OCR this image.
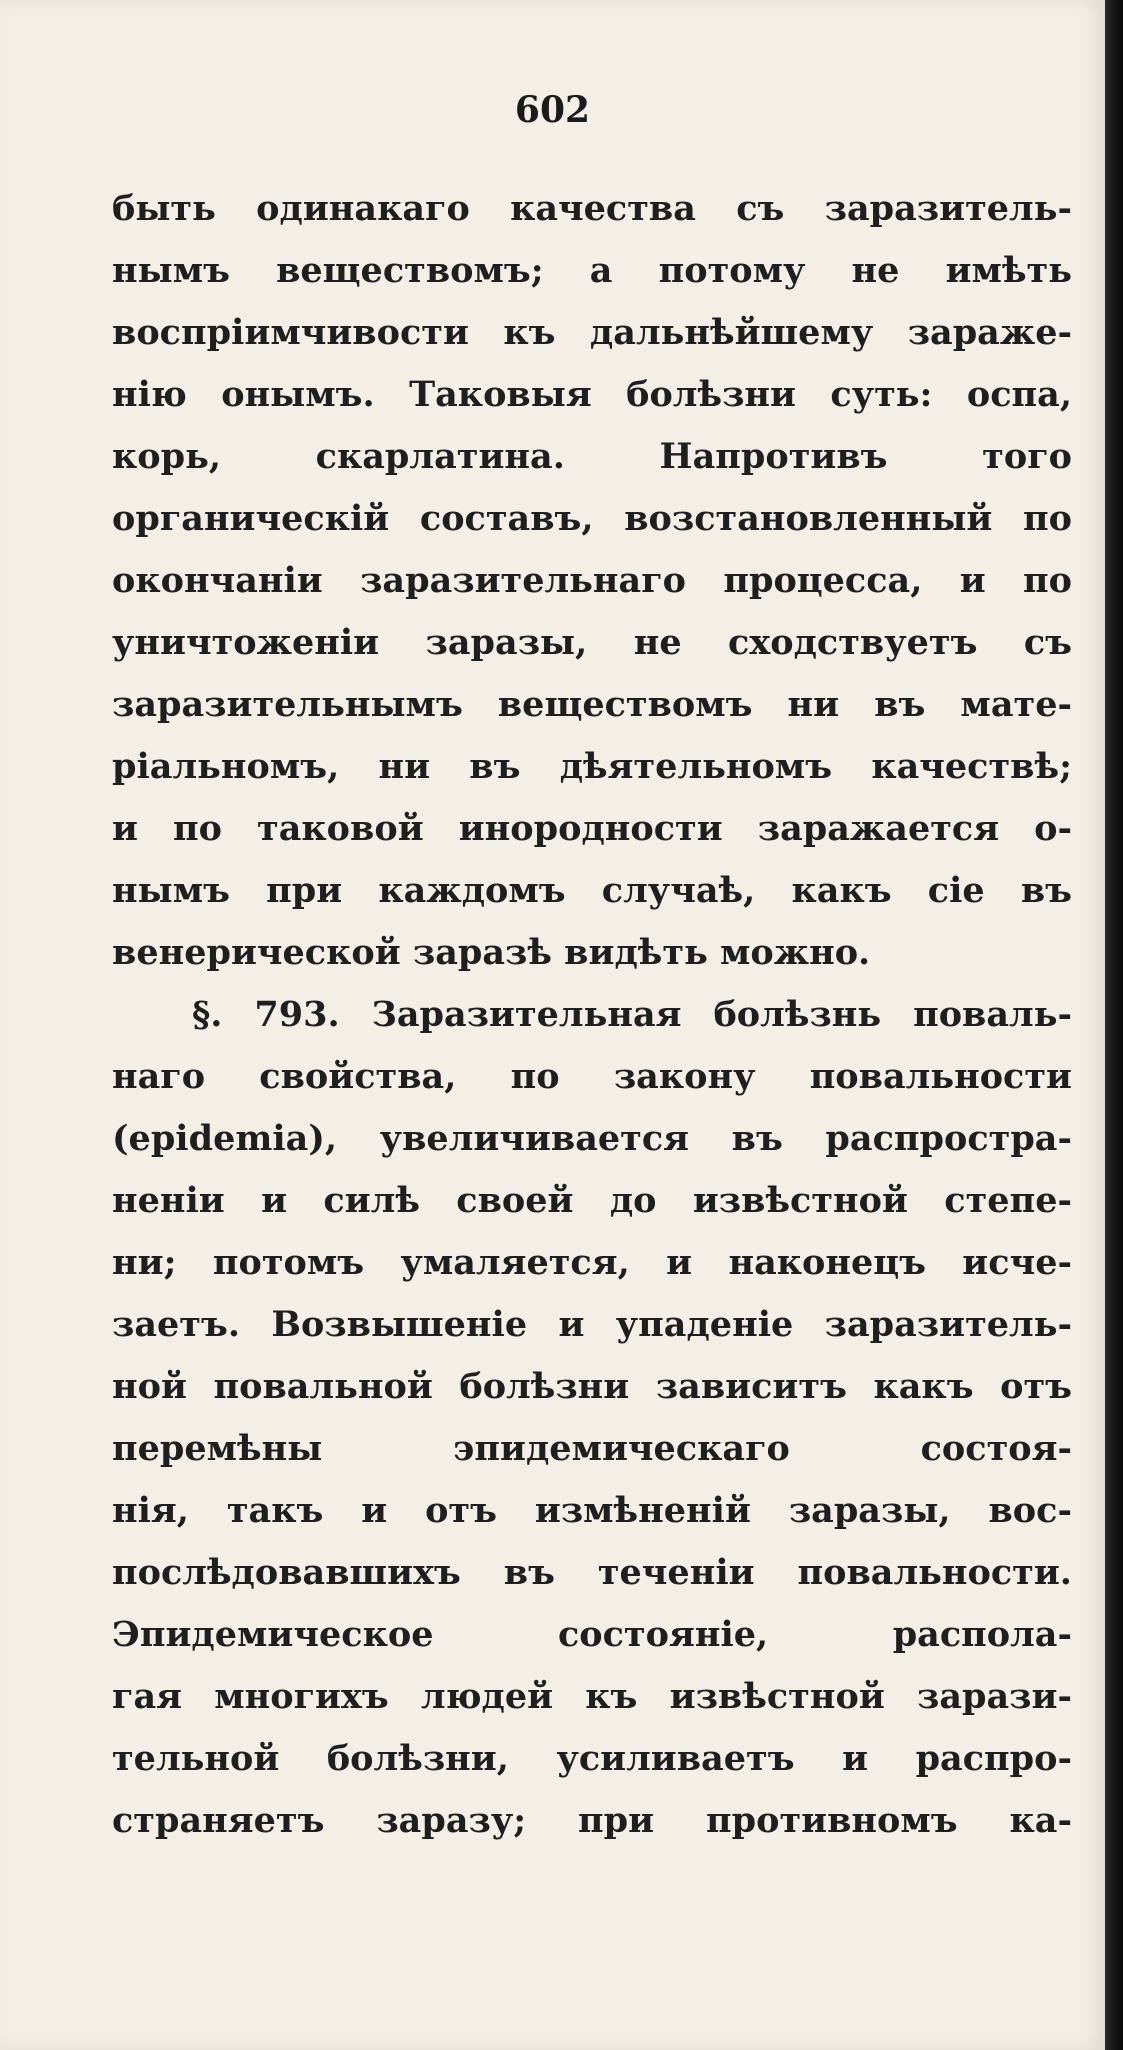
602
быть одинакаго качества съ заразитель-
нымъ веществомъ; а потому не имѣть
воспріимчивости къ дальнѣйшему зараже-
нію онымъ. Таковыя болѣзни суть: оспа,
корь, скарлатина. Напротивъ того
органическій составъ, возстановленный по
окончаніи заразительнаго процесса, и по
уничтоженіи заразы, не сходствуетъ съ
заразительнымъ веществомъ ни въ мате-
ріальномъ, ни въ дѣятельномъ качествѣ;
и по таковой инородности заражается о-
нымъ при каждомъ случаѣ, какъ сіе въ
венерической заразѣ видѣть можно.
§. 793. Заразительная болѣзнь поваль-
наго свойства, по закону повальности
(epidemia), увеличивается въ распростра-
неніи и силѣ своей до извѣстной степе-
ни; потомъ умаляется, и наконецъ исче-
заетъ. Возвышеніе и упаденіе заразитель-
ной повальной болѣзни зависитъ какъ отъ
перемѣны эпидемическаго состоя-
нія, такъ и отъ измѣненій заразы, вос-
послѣдовавшихъ въ теченіи повальности.
Эпидемическое состояніе, распола-
гая многихъ людей къ извѣстной зарази-
тельной болѣзни, усиливаетъ и распро-
страняетъ заразу; при противномъ ка-
